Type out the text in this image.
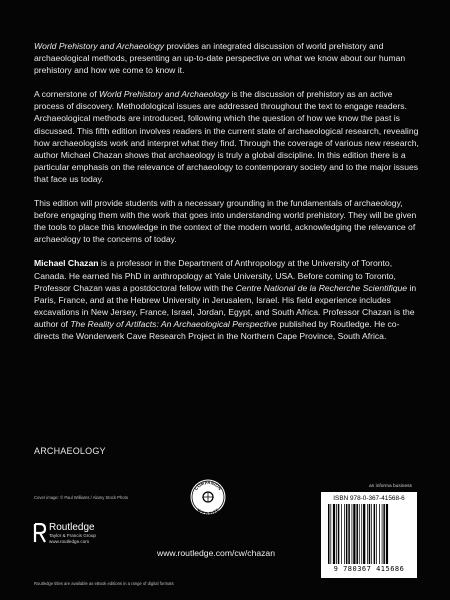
World Prehistory and Archaeology provides an integrated discussion of world prehistory and archaeological methods, presenting an up-to-date perspective on what we know about our human prehistory and how we come to know it.

A cornerstone of World Prehistory and Archaeology is the discussion of prehistory as an active process of discovery. Methodological issues are addressed throughout the text to engage readers. Archaeological methods are introduced, following which the question of how we know the past is discussed. This fifth edition involves readers in the current state of archaeological research, revealing how archaeologists work and interpret what they find. Through the coverage of various new research, author Michael Chazan shows that archaeology is truly a global discipline. In this edition there is a particular emphasis on the relevance of archaeology to contemporary society and to the major issues that face us today.

This edition will provide students with a necessary grounding in the fundamentals of archaeology, before engaging them with the work that goes into understanding world prehistory. They will be given the tools to place this knowledge in the context of the modern world, acknowledging the relevance of archaeology to the concerns of today.

Michael Chazan is a professor in the Department of Anthropology at the University of Toronto, Canada. He earned his PhD in anthropology at Yale University, USA. Before coming to Toronto, Professor Chazan was a postdoctoral fellow with the Centre National de la Recherche Scientifique in Paris, France, and at the Hebrew University in Jerusalem, Israel. His field experience includes excavations in New Jersey, France, Israel, Jordan, Egypt, and South Africa. Professor Chazan is the author of The Reality of Artifacts: An Archaeological Perspective published by Routledge. He co-directs the Wonderwerk Cave Research Project in the Northern Cape Province, South Africa.

ARCHAEOLOGY
Cover image: © Paul Williams / Alamy Stock Photo
Routledge
Taylor & Francis Group
www.routledge.com
COMPANION
WEBSITE
www.routledge.com/cw/chazan
an informa business
ISBN 978-0-367-41568-6
9 780367 415686
Routledge titles are available as eBook editions in a range of digital formats
